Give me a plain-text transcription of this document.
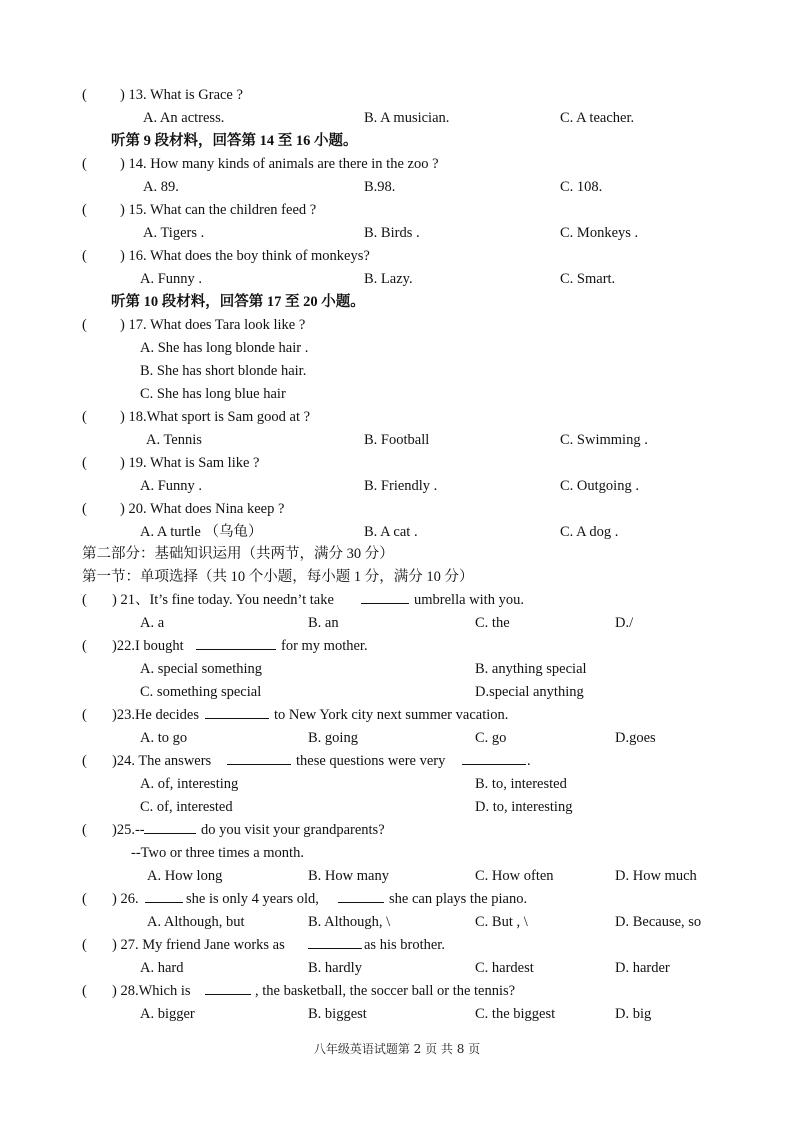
( ) 13. What is Grace ?
A. An actress.	B. A musician.	C. A teacher.
听第 9 段材料，回答第 14 至 16 小题。
( ) 14. How many kinds of animals are there in the zoo ?
A. 89.	B.98.	C. 108.
( ) 15. What can the children feed ?
A. Tigers .	B. Birds .	C. Monkeys .
( ) 16. What does the boy think of monkeys?
A. Funny .	B. Lazy.	C. Smart.
听第 10 段材料，回答第 17 至 20 小题。
( ) 17. What does Tara look like ?
A. She has long blonde hair .
B. She has short blonde hair.
C. She has long blue hair
( ) 18.What sport is Sam good at ?
A. Tennis	B. Football	C. Swimming .
( ) 19. What is Sam like ?
A. Funny .	B. Friendly .	C. Outgoing .
( ) 20. What does Nina keep ?
A. A turtle （乌龟）	B. A cat .	C. A dog .
第二部分：基础知识运用（共两节，满分 30 分）
第一节：单项选择（共 10 个小题，每小题 1 分，满分 10 分）
( ) 21、It’s fine today. You needn’t take	umbrella with you.
A. a	B. an	C. the	D./
( )22.I bought	for my mother.
A. special something	B. anything special
C. something special	D.special anything
( )23.He decides	to New York city next summer vacation.
A. to go	B. going	C. go	D.goes
( )24. The answers	these questions were very	.
A. of, interesting	B. to, interested
C. of, interested	D. to, interesting
( )25.--	do you visit your grandparents?
--Two or three times a month.
A. How long	B. How many	C. How often	D. How much
( ) 26.	she is only 4 years old,	she can plays the piano.
A. Although, but	B. Although, \	C. But , \	D. Because, so
( ) 27. My friend Jane works as	as his brother.
A. hard	B. hardly	C. hardest	D. harder
( ) 28.Which is	, the basketball, the soccer ball or the tennis?
A. bigger	B. biggest	C. the biggest	D. big
八年级英语试题第 2 页 共 8 页
